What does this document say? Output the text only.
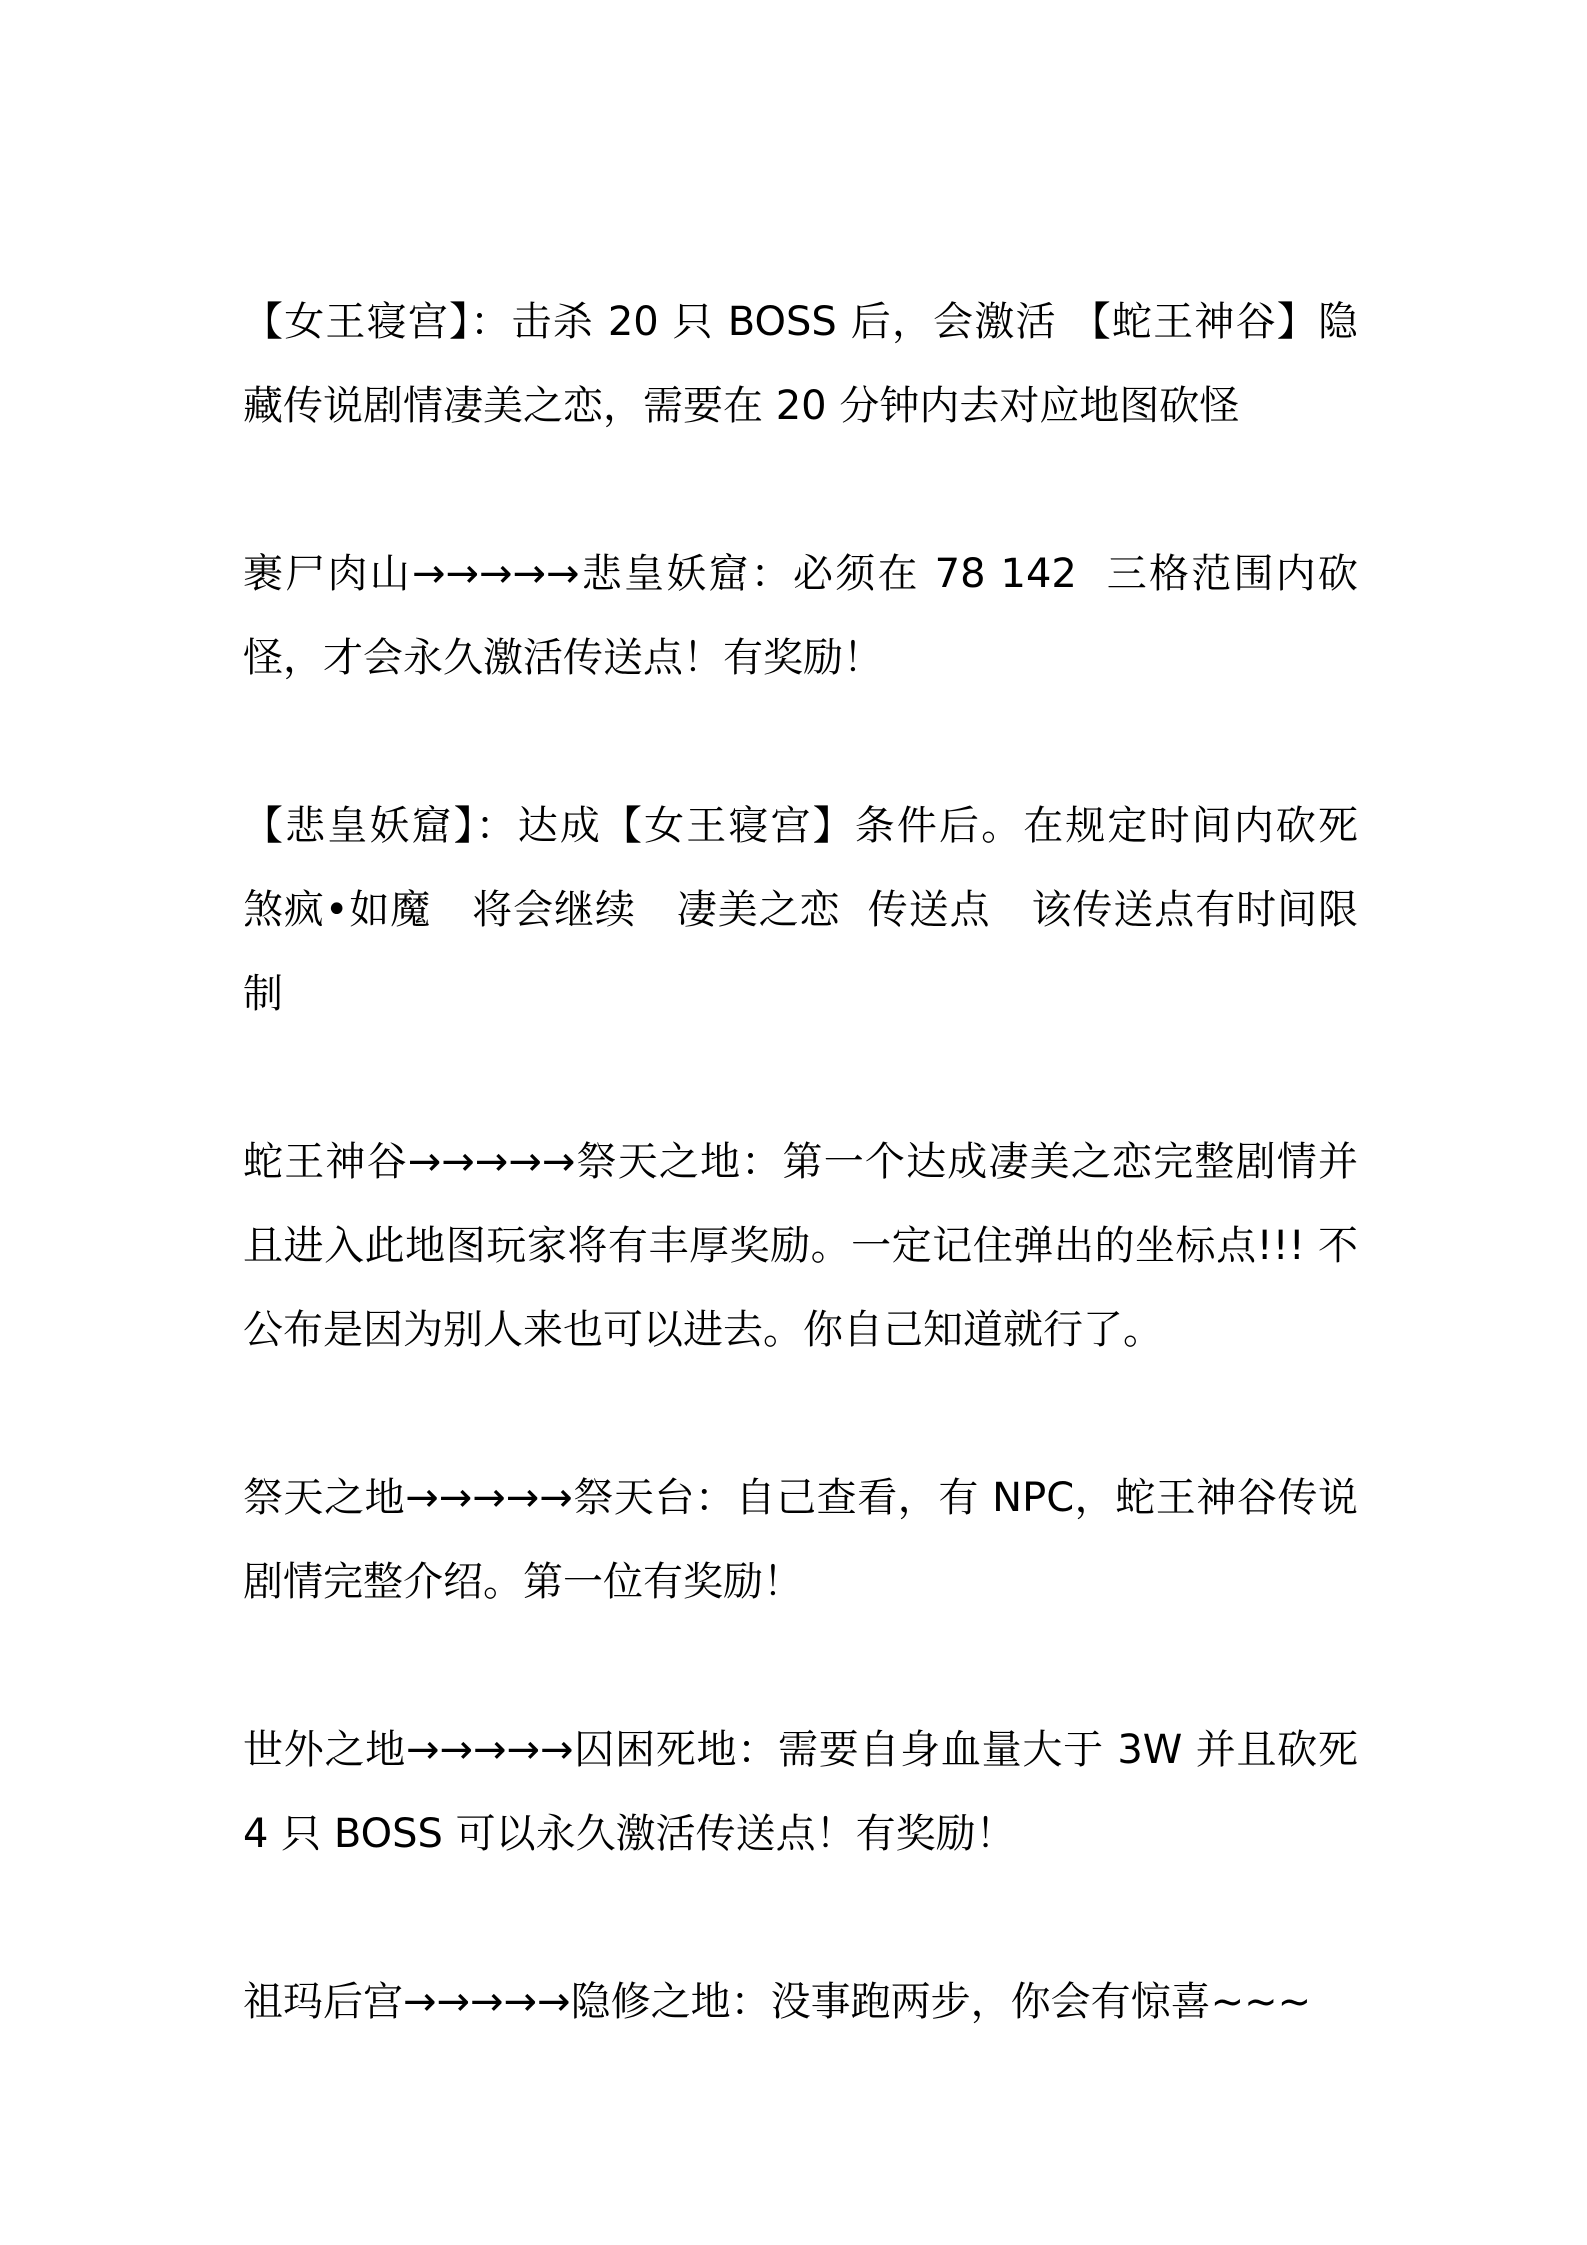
【女王寝宫】：击杀 20 只 BOSS 后，会激活 【蛇王神谷】隐藏传说剧情凄美之恋，需要在 20 分钟内去对应地图砍怪

裹尸肉山→→→→→悲皇妖窟：必须在 78 142  三格范围内砍怪，才会永久激活传送点！有奖励！

【悲皇妖窟】：达成【女王寝宫】条件后。在规定时间内砍死    煞疯•如魔   将会继续   凄美之恋  传送点   该传送点有时间限制

蛇王神谷→→→→→祭天之地：第一个达成凄美之恋完整剧情并且进入此地图玩家将有丰厚奖励。一定记住弹出的坐标点!!! 不公布是因为别人来也可以进去。你自己知道就行了。

祭天之地→→→→→祭天台：自己查看，有 NPC，蛇王神谷传说剧情完整介绍。第一位有奖励！

世外之地→→→→→囚困死地：需要自身血量大于 3W 并且砍死 4 只 BOSS 可以永久激活传送点！有奖励！

祖玛后宫→→→→→隐修之地：没事跑两步，你会有惊喜~~~
